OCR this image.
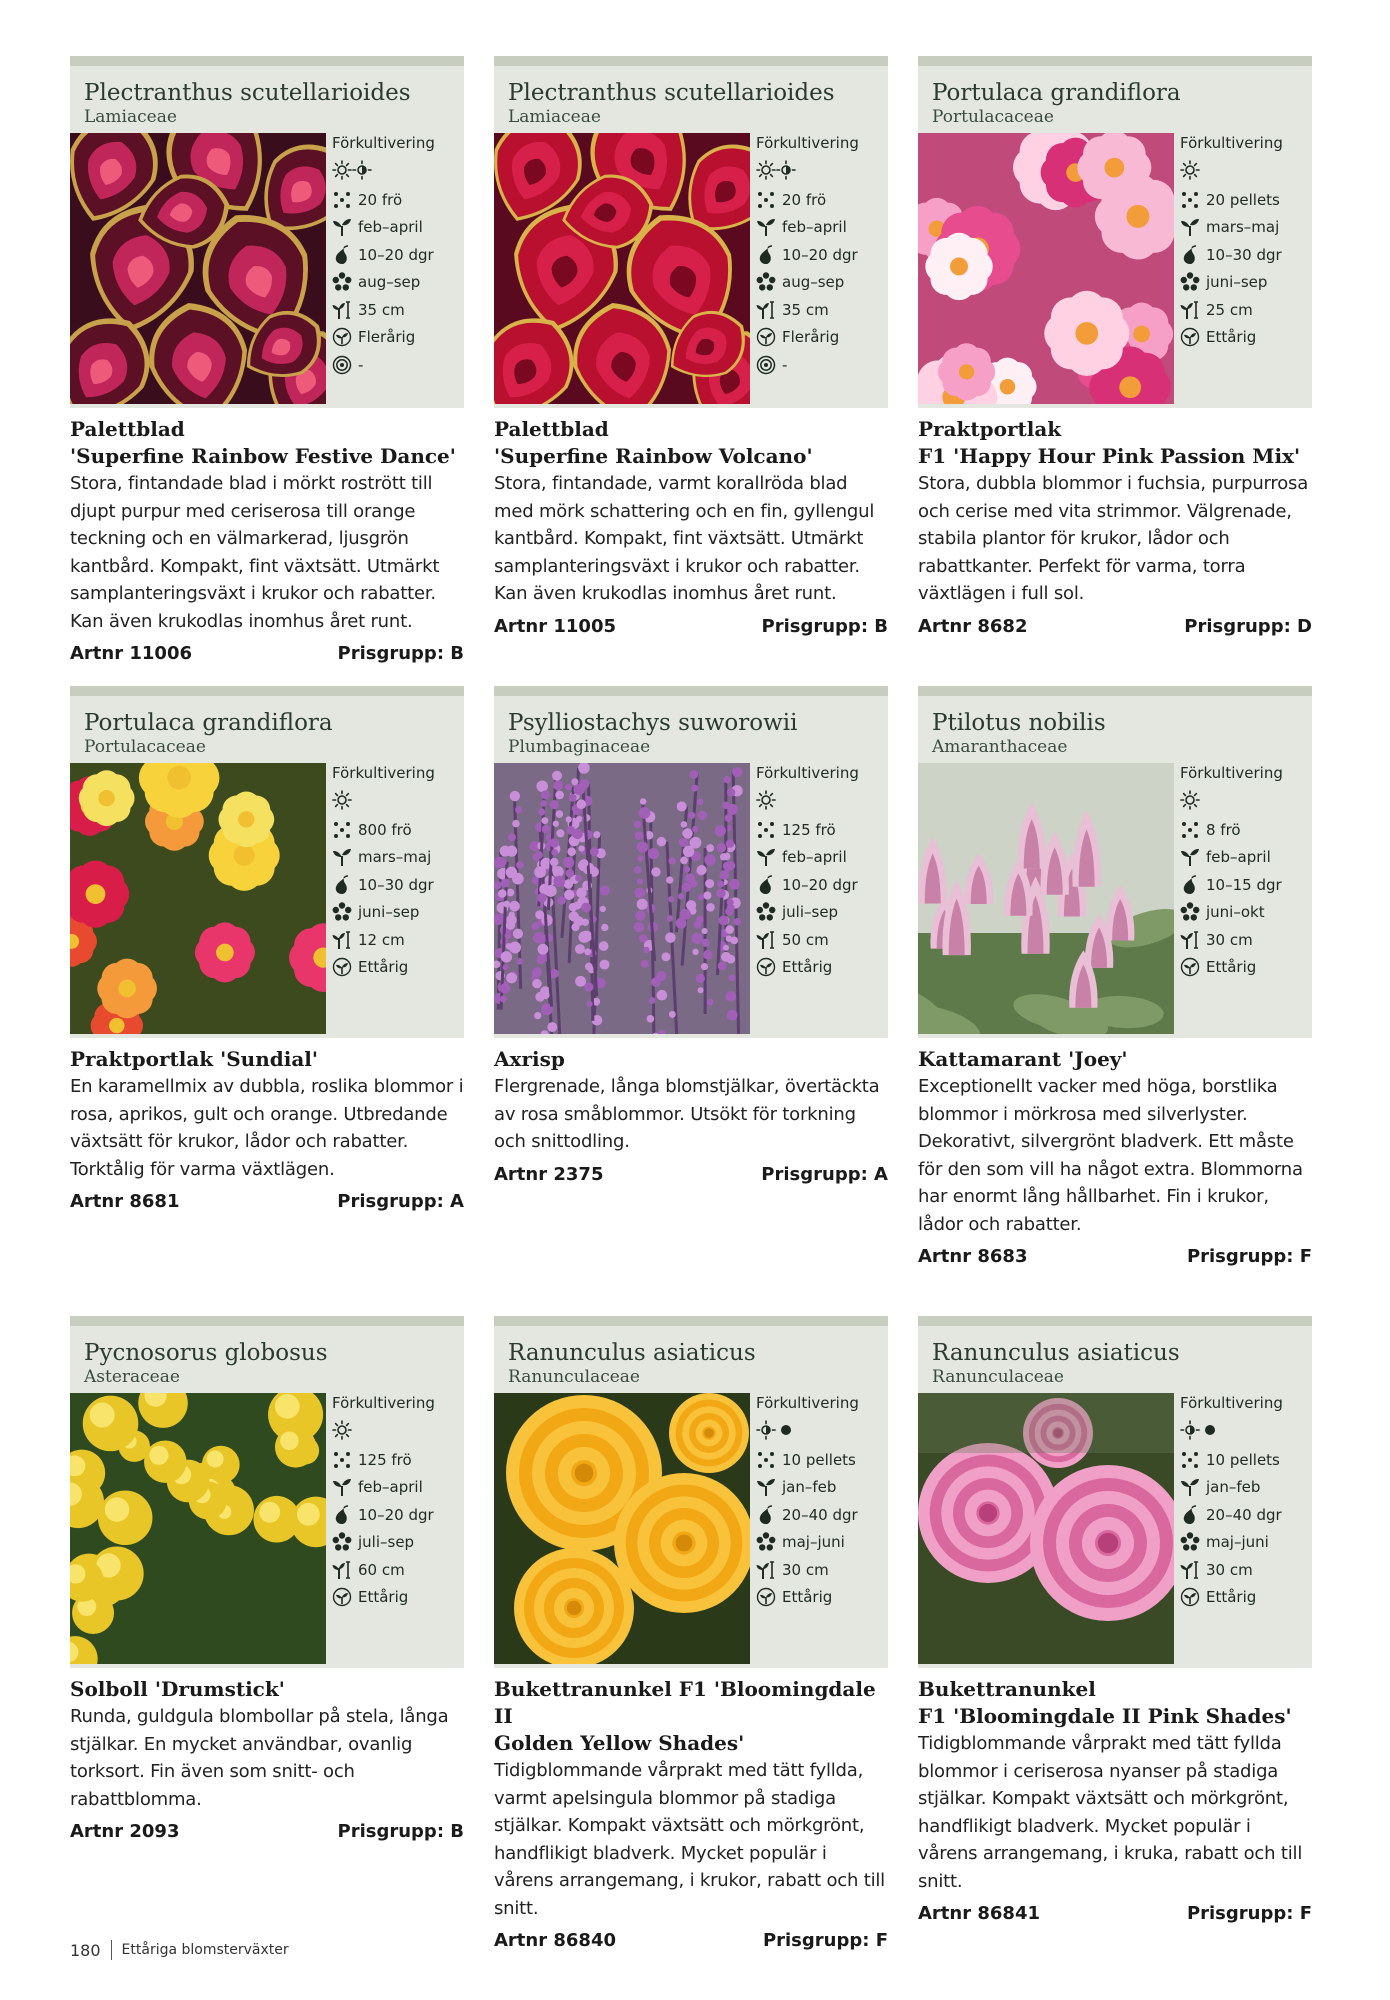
Plectranthus scutellarioides
Lamiaceae
Förkultivering
20 frö
feb–april
10–20 dgr
aug–sep
35 cm
Flerårig
-
Palettblad
'Superfine Rainbow Festive Dance'
Stora, fintandade blad i mörkt rostrött till djupt purpur med ceriserosa till orange teckning och en välmarkerad, ljusgrön kantbård. Kompakt, fint växtsätt. Utmärkt samplanteringsväxt i krukor och rabatter. Kan även krukodlas inomhus året runt.
Artnr 11006	Prisgrupp: B
Plectranthus scutellarioides
Lamiaceae
Förkultivering
20 frö
feb–april
10–20 dgr
aug–sep
35 cm
Flerårig
-
Palettblad
'Superfine Rainbow Volcano'
Stora, fintandade, varmt korallröda blad med mörk schattering och en fin, gyllengul kantbård. Kompakt, fint växtsätt. Utmärkt samplanteringsväxt i krukor och rabatter. Kan även krukodlas inomhus året runt.
Artnr 11005	Prisgrupp: B
Portulaca grandiflora
Portulacaceae
Förkultivering
20 pellets
mars–maj
10–30 dgr
juni–sep
25 cm
Ettårig
Praktportlak
F1 'Happy Hour Pink Passion Mix'
Stora, dubbla blommor i fuchsia, purpurrosa och cerise med vita strimmor. Välgrenade, stabila plantor för krukor, lådor och rabattkanter. Perfekt för varma, torra växtlägen i full sol.
Artnr 8682	Prisgrupp: D
Portulaca grandiflora
Portulacaceae
Förkultivering
800 frö
mars–maj
10–30 dgr
juni–sep
12 cm
Ettårig
Praktportlak 'Sundial'
En karamellmix av dubbla, roslika blommor i rosa, aprikos, gult och orange. Utbredande växtsätt för krukor, lådor och rabatter. Torktålig för varma växtlägen.
Artnr 8681	Prisgrupp: A
Psylliostachys suworowii
Plumbaginaceae
Förkultivering
125 frö
feb–april
10–20 dgr
juli–sep
50 cm
Ettårig
Axrisp
Flergrenade, långa blomstjälkar, övertäckta av rosa småblommor. Utsökt för torkning och snittodling.
Artnr 2375	Prisgrupp: A
Ptilotus nobilis
Amaranthaceae
Förkultivering
8 frö
feb–april
10–15 dgr
juni–okt
30 cm
Ettårig
Kattamarant 'Joey'
Exceptionellt vacker med höga, borstlika blommor i mörkrosa med silverlyster. Dekorativt, silvergrönt bladverk. Ett måste för den som vill ha något extra. Blommorna har enormt lång hållbarhet. Fin i krukor, lådor och rabatter.
Artnr 8683	Prisgrupp: F
Pycnosorus globosus
Asteraceae
Förkultivering
125 frö
feb–april
10–20 dgr
juli–sep
60 cm
Ettårig
Solboll 'Drumstick'
Runda, guldgula blombollar på stela, långa stjälkar. En mycket användbar, ovanlig torksort. Fin även som snitt- och rabattblomma.
Artnr 2093	Prisgrupp: B
Ranunculus asiaticus
Ranunculaceae
Förkultivering
10 pellets
jan–feb
20–40 dgr
maj–juni
30 cm
Ettårig
Bukettranunkel F1 'Bloomingdale II
Golden Yellow Shades'
Tidigblommande vårprakt med tätt fyllda, varmt apelsingula blommor på stadiga stjälkar. Kompakt växtsätt och mörkgrönt, handflikigt bladverk. Mycket populär i vårens arrangemang, i krukor, rabatt och till snitt.
Artnr 86840	Prisgrupp: F
Ranunculus asiaticus
Ranunculaceae
Förkultivering
10 pellets
jan–feb
20–40 dgr
maj–juni
30 cm
Ettårig
Bukettranunkel
F1 'Bloomingdale II Pink Shades'
Tidigblommande vårprakt med tätt fyllda blommor i ceriserosa nyanser på stadiga stjälkar. Kompakt växtsätt och mörkgrönt, handflikigt bladverk. Mycket populär i vårens arrangemang, i kruka, rabatt och till snitt.
Artnr 86841	Prisgrupp: F
180 Ettåriga blomsterväxter
